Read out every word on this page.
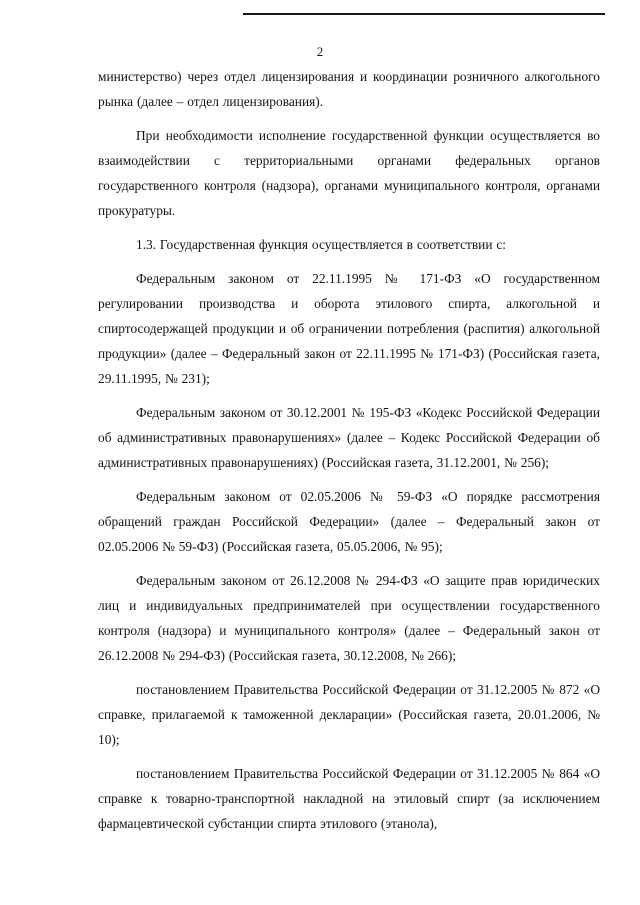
2

министерство) через отдел лицензирования и координации розничного алкогольного рынка (далее – отдел лицензирования).

При необходимости исполнение государственной функции осуществляется во взаимодействии с территориальными органами федеральных органов государственного контроля (надзора), органами муниципального контроля, органами прокуратуры.

1.3. Государственная функция осуществляется в соответствии с:

Федеральным законом от 22.11.1995 № 171-ФЗ «О государственном регулировании производства и оборота этилового спирта, алкогольной и спиртосодержащей продукции и об ограничении потребления (распития) алкогольной продукции» (далее – Федеральный закон от 22.11.1995 № 171-ФЗ) (Российская газета, 29.11.1995, № 231);

Федеральным законом от 30.12.2001 № 195-ФЗ «Кодекс Российской Федерации об административных правонарушениях» (далее – Кодекс Российской Федерации об административных правонарушениях) (Российская газета, 31.12.2001, № 256);

Федеральным законом от 02.05.2006 № 59-ФЗ «О порядке рассмотрения обращений граждан Российской Федерации» (далее – Федеральный закон от 02.05.2006 № 59-ФЗ) (Российская газета, 05.05.2006, № 95);

Федеральным законом от 26.12.2008 № 294-ФЗ «О защите прав юридических лиц и индивидуальных предпринимателей при осуществлении государственного контроля (надзора) и муниципального контроля» (далее – Федеральный закон от 26.12.2008 № 294-ФЗ) (Российская газета, 30.12.2008, № 266);

постановлением Правительства Российской Федерации от 31.12.2005 № 872 «О справке, прилагаемой к таможенной декларации» (Российская газета, 20.01.2006, № 10);

постановлением Правительства Российской Федерации от 31.12.2005 № 864 «О справке к товарно-транспортной накладной на этиловый спирт (за исключением фармацевтической субстанции спирта этилового (этанола),
